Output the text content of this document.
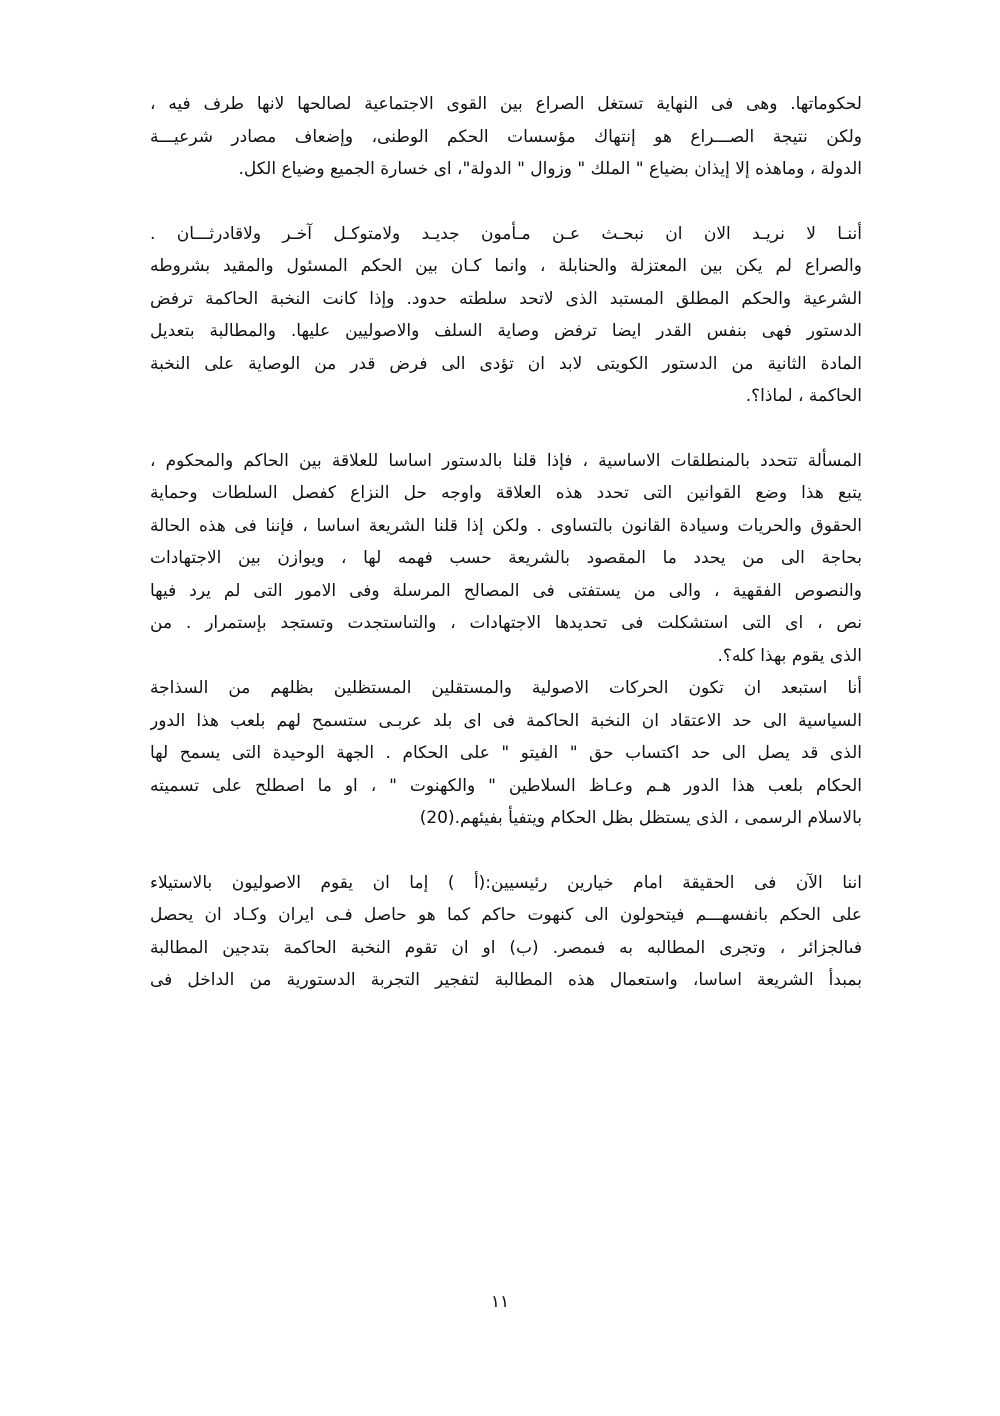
لحكوماتها. وهى فى النهاية تستغل الصراع بين القوى الاجتماعية لصالحها لانها طرف فيه ،
ولكن نتيجة الصـــراع هو إنتهاك مؤسسات الحكم الوطنى، وإضعاف مصادر شرعيـــة
الدولة ، وماهذه إلا إيذان بضياع " الملك " وزوال " الدولة"، اى خسارة الجميع وضياع الكل.
أننـا لا نريـد الان ان نبحـث عـن مـأمون جديـد ولامتوكـل آخـر ولاقادرثـــان .
والصراع لم يكن بين المعتزلة والحنابلة ، وانما كـان بين الحكم المسئول والمقيد بشروطه
الشرعية والحكم المطلق المستبد الذى لاتحد سلطته حدود. وإذا كانت النخبة الحاكمة ترفض
الدستور فهى بنفس القدر ايضا ترفض وصاية السلف والاصوليين عليها. والمطالبة بتعديل
المادة الثانية من الدستور الكويتى لابد ان تؤدى الى فرض قدر من الوصاية على النخبة
الحاكمة ، لماذا؟.
المسألة تتحدد بالمنطلقات الاساسية ، فإذا قلنا بالدستور اساسا للعلاقة بين الحاكم والمحكوم ،
يتبع هذا وضع القوانين التى تحدد هذه العلاقة واوجه حل النزاع كفصل السلطات وحماية
الحقوق والحريات وسيادة القانون بالتساوى . ولكن إذا قلنا الشريعة اساسا ، فإننا فى هذه الحالة
بحاجة الى من يحدد ما المقصود بالشريعة حسب فهمه لها ، ويوازن بين الاجتهادات
والنصوص الفقهية ، والى من يستفتى فى المصالح المرسلة وفى الامور التى لم يرد فيها
نص ، اى التى استشكلت فى تحديدها الاجتهادات ، والتىاستجدت وتستجد بإستمرار . من
الذى يقوم بهذا كله؟.
أنا استبعد ان تكون الحركات الاصولية والمستقلين المستظلين بظلهم من السذاجة
السياسية الى حد الاعتقاد ان النخبة الحاكمة فى اى بلد عربـى ستسمح لهم بلعب هذا الدور
الذى قد يصل الى حد اكتساب حق " الفيتو " على الحكام . الجهة الوحيدة التى يسمح لها
الحكام بلعب هذا الدور هـم وعـاظ السلاطين " والكهنوت " ، او ما اصطلح على تسميته
بالاسلام الرسمى ، الذى يستظل بظل الحكام ويتفيأ بفيئهم.(20)
اننا الآن فى الحقيقة امام خيارين رئيسيين:(أ ) إما ان يقوم الاصوليون بالاستيلاء
على الحكم بانفسهـــم فيتحولون الى كنهوت حاكم كما هو حاصل فـى ايران وكـاد ان يحصل
فىالجزائر ، وتجرى المطالبه به فىمصر. (ب) او ان تقوم النخبة الحاكمة بتدجين المطالبة
بمبدأ الشريعة اساسا، واستعمال هذه المطالبة لتفجير التجربة الدستورية من الداخل فى
١١
